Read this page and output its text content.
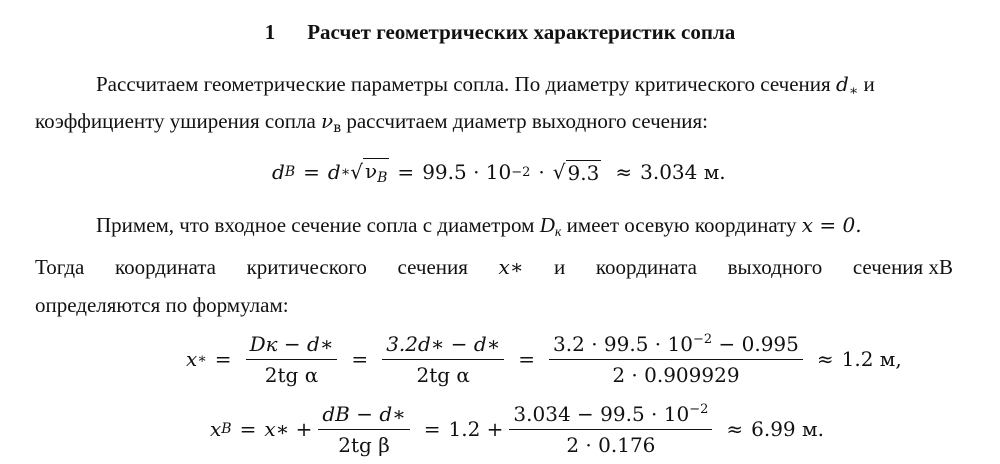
1 Расчет геометрических характеристик сопла
Рассчитаем геометрические параметры сопла. По диаметру критического сечения $d_∗$ и
коэффициенту уширения сопла $\nu_в$ рассчитаем диаметр выходного сечения:
d B = d ∗ √ $\nu_B = 99.5 \cdot 10 -2$ · √ 9.3 ≈ 3.034 м.
Примем, что входное сечение сопла с диаметром $D_к$ имеет осевую координату x = 0.
Тогда координата критического сечения x∗ и координата выходного сечения xB
определяются по формулам:
x ∗ = $\frac{Dк - d∗}{\text{2tg α}} = \frac{3.2d∗ - d∗}{\text{2tg α}} = \frac{3.2 \cdot 99.5 \cdot 10^{-2} - 0.995}{2 \cdot 0.909929} \approx 1.2$ м,
x B = x∗ + $\frac{dB - d∗}{\text{2tg β}} = 1.2 + \frac{3.034 - 99.5 \cdot 10^{-2}}{2 \cdot 0.176} \approx 6.99$ м.
